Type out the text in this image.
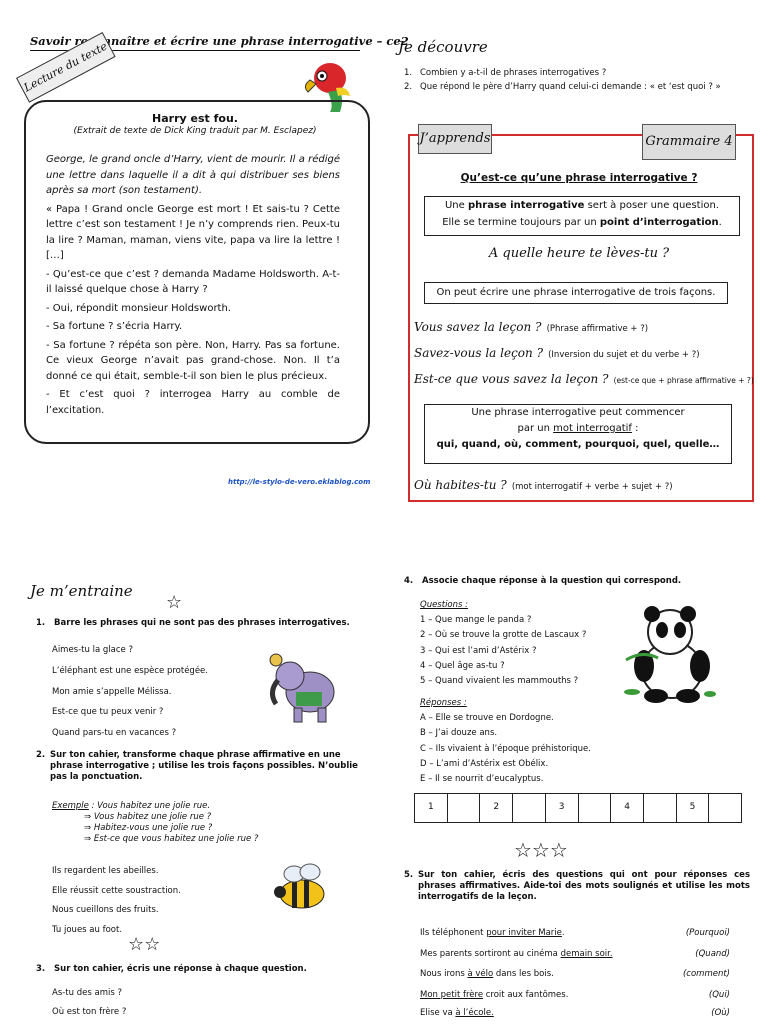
Savoir reconnaître et écrire une phrase interrogative – ce2
Lecture du texte
Harry est fou.
(Extrait de texte de Dick King traduit par M. Esclapez)

George, le grand oncle d’Harry, vient de mourir. Il a rédigé une lettre dans laquelle il a dit à qui distribuer ses biens après sa mort (son testament).

« Papa ! Grand oncle George est mort ! Et sais-tu ? Cette lettre c’est son testament ! Je n’y comprends rien. Peux-tu la lire ? Maman, maman, viens vite, papa va lire la lettre ! […]

- Qu’est-ce que c’est ? demanda Madame Holdsworth. A-t-il laissé quelque chose à Harry ?

- Oui, répondit monsieur Holdsworth.

- Sa fortune ? s’écria Harry.

- Sa fortune ? répéta son père. Non, Harry. Pas sa fortune. Ce vieux George n’avait pas grand-chose. Non. Il t’a donné ce qui était, semble-t-il son bien le plus précieux.

- Et c’est quoi ? interrogea Harry au comble de l’excitation.

http://le-stylo-de-vero.eklablog.com
Je découvre
1. Combien y a-t-il de phrases interrogatives ?
2. Que répond le père d’Harry quand celui-ci demande : « et ‘est quoi ? »
J’apprends	Grammaire 4
Qu’est-ce qu’une phrase interrogative ?
Une phrase interrogative sert à poser une question.
Elle se termine toujours par un point d’interrogation.
A quelle heure te lèves-tu ?
On peut écrire une phrase interrogative de trois façons.
Vous savez la leçon ? (Phrase affirmative + ?)
Savez-vous la leçon ? (Inversion du sujet et du verbe + ?)
Est-ce que vous savez la leçon ? (est-ce que + phrase affirmative + ?)
Une phrase interrogative peut commencer
par un mot interrogatif :
qui, quand, où, comment, pourquoi, quel, quelle…
Où habites-tu ? (mot interrogatif + verbe + sujet + ?)
Je m’entraine
☆
1. Barre les phrases qui ne sont pas des phrases interrogatives.
Aimes-tu la glace ?
L’éléphant est une espèce protégée.
Mon amie s’appelle Mélissa.
Est-ce que tu peux venir ?
Quand pars-tu en vacances ?
2. Sur ton cahier, transforme chaque phrase affirmative en une phrase interrogative ; utilise les trois façons possibles. N’oublie pas la ponctuation.
Exemple : Vous habitez une jolie rue.
⇒ Vous habitez une jolie rue ?
⇒ Habitez-vous une jolie rue ?
⇒ Est-ce que vous habitez une jolie rue ?
Ils regardent les abeilles.
Elle réussit cette soustraction.
Nous cueillons des fruits.
Tu joues au foot.
☆☆
3. Sur ton cahier, écris une réponse à chaque question.
As-tu des amis ?
Où est ton frère ?
4. Associe chaque réponse à la question qui correspond.
Questions :
1 – Que mange le panda ?
2 – Où se trouve la grotte de Lascaux ?
3 – Qui est l’ami d’Astérix ?
4 – Quel âge as-tu ?
5 – Quand vivaient les mammouths ?
Réponses :
A – Elle se trouve en Dordogne.
B – J’ai douze ans.
C – Ils vivaient à l’époque préhistorique.
D – L’ami d’Astérix est Obélix.
E – Il se nourrit d’eucalyptus.
1	2	3	4	5
☆☆☆
5. Sur ton cahier, écris des questions qui ont pour réponses ces phrases affirmatives. Aide-toi des mots soulignés et utilise les mots interrogatifs de la leçon.
Ils téléphonent pour inviter Marie.	(Pourquoi)
Mes parents sortiront au cinéma demain soir.	(Quand)
Nous irons à vélo dans les bois.	(comment)
Mon petit frère croit aux fantômes.	(Qui)
Elise va à l’école.	(Où)
